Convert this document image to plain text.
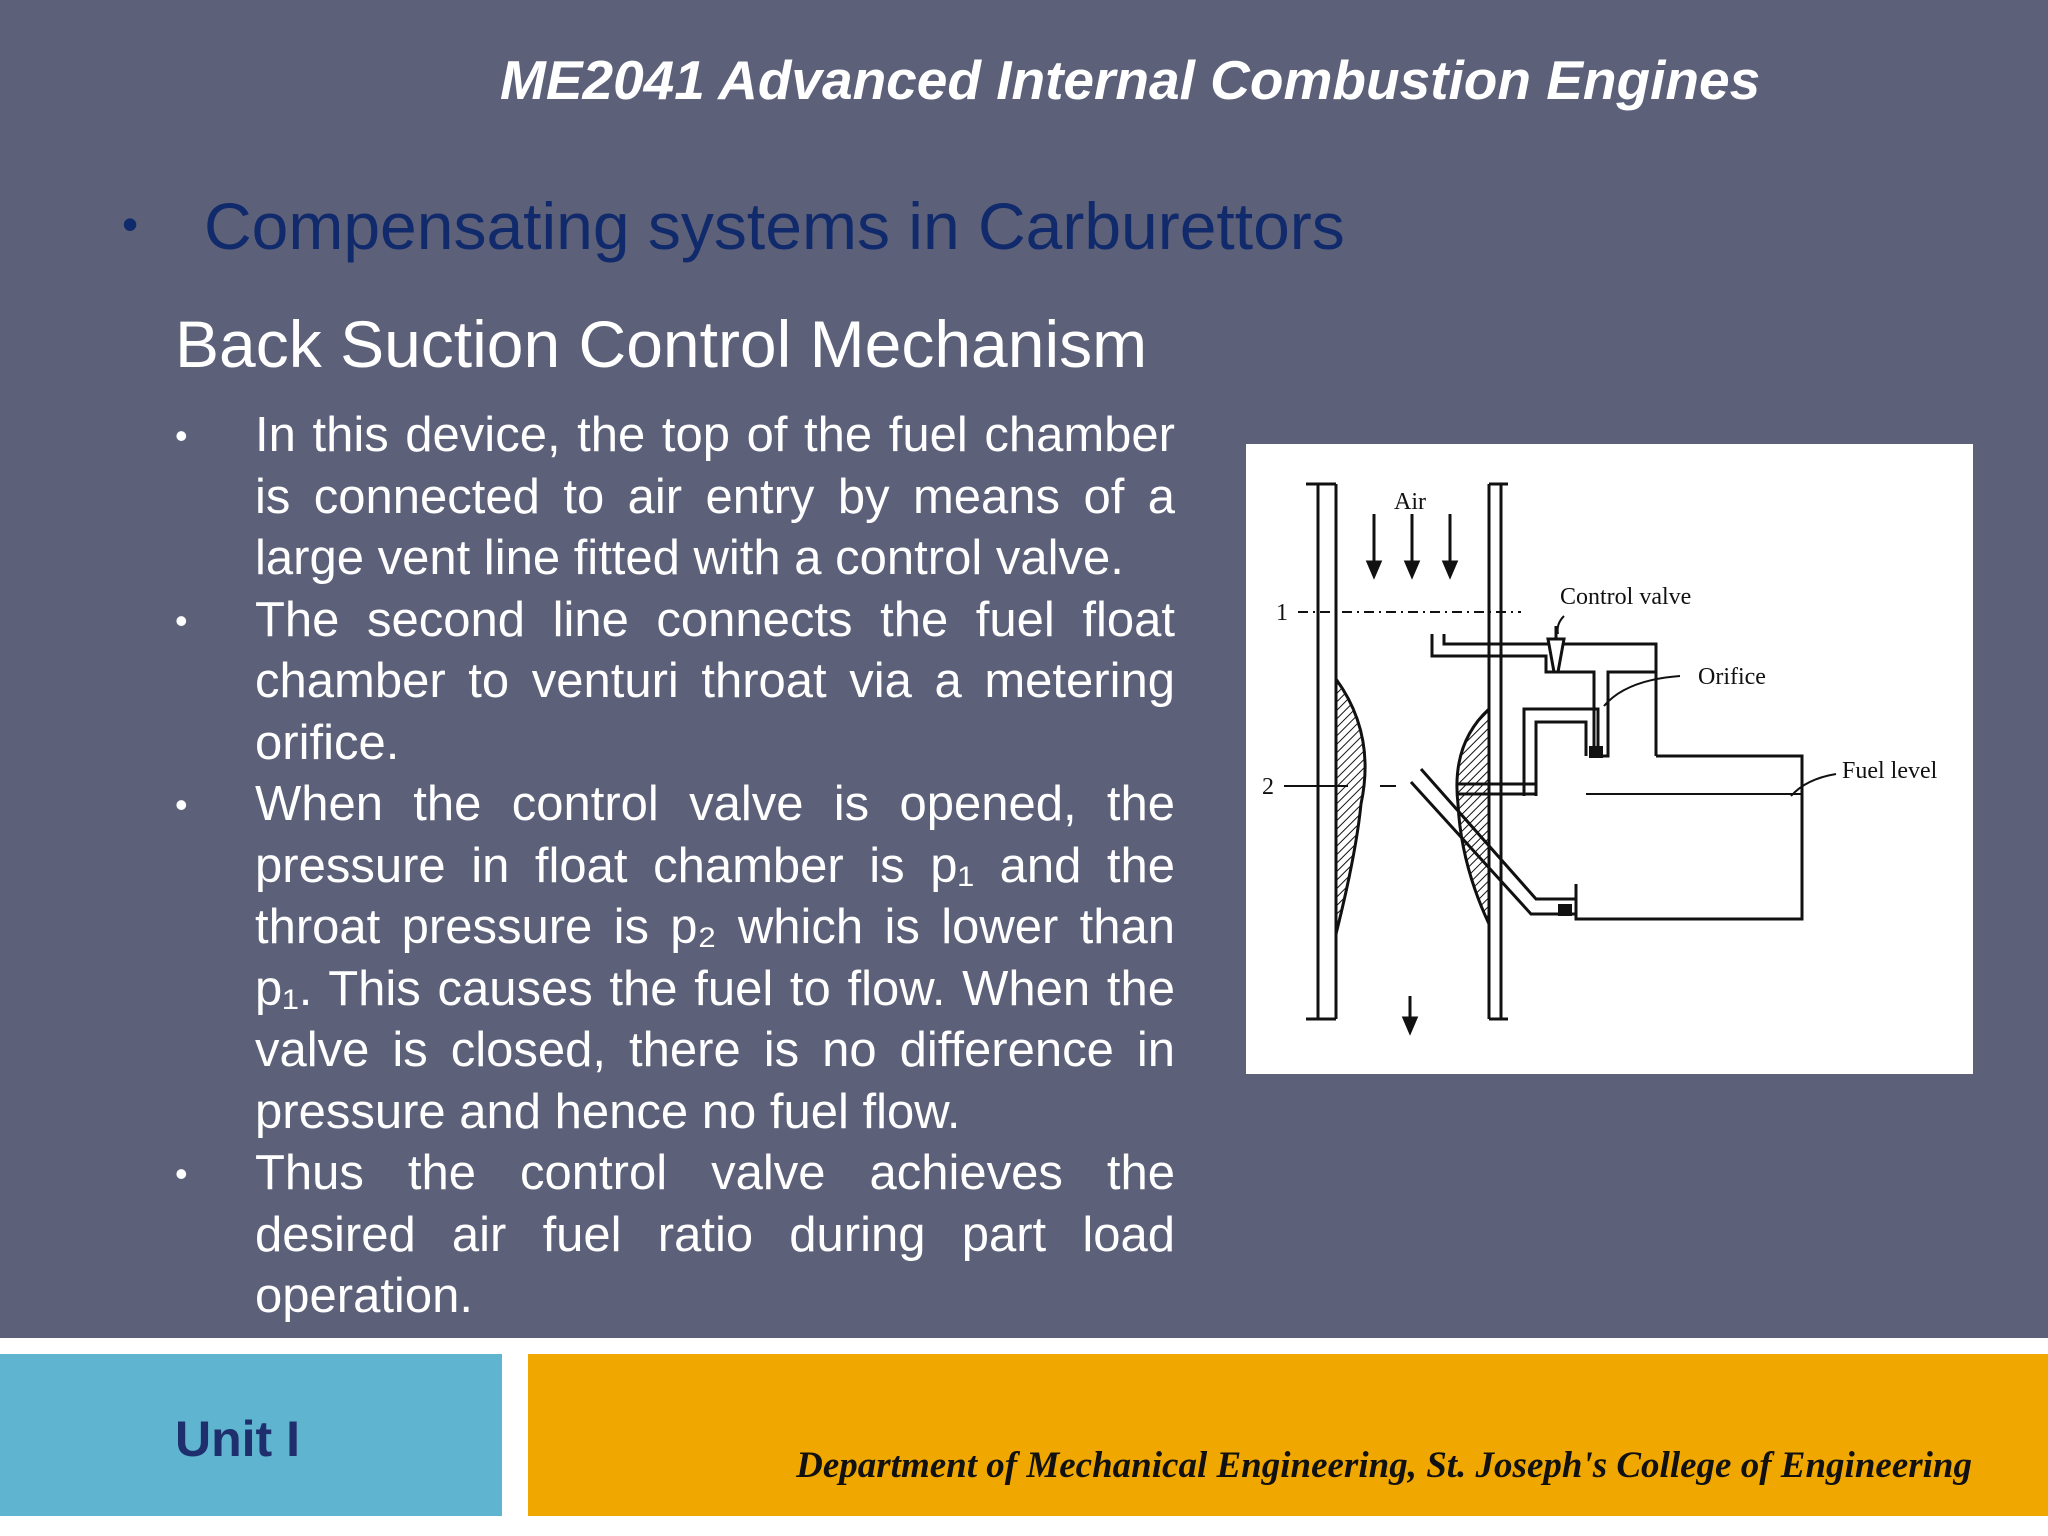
ME2041 Advanced Internal Combustion Engines
• Compensating systems in Carburettors
Back Suction Control Mechanism
Unit I	Department of Mechanical Engineering, St. Joseph's College of Engineering
• In this device, the top of the fuel chamber is connected to air entry by means of a large vent line fitted with a control valve.
• The second line connects the fuel float chamber to venturi throat via a metering orifice.
• When the control valve is opened, the pressure in float chamber is p₁ and the throat pressure is p₂ which is lower than p₁. This causes the fuel to flow. When the valve is closed, there is no difference in pressure and hence no fuel flow.
• Thus the control valve achieves the desired air fuel ratio during part load operation.
Air
Control valve
Orifice
Fuel level
1
2
